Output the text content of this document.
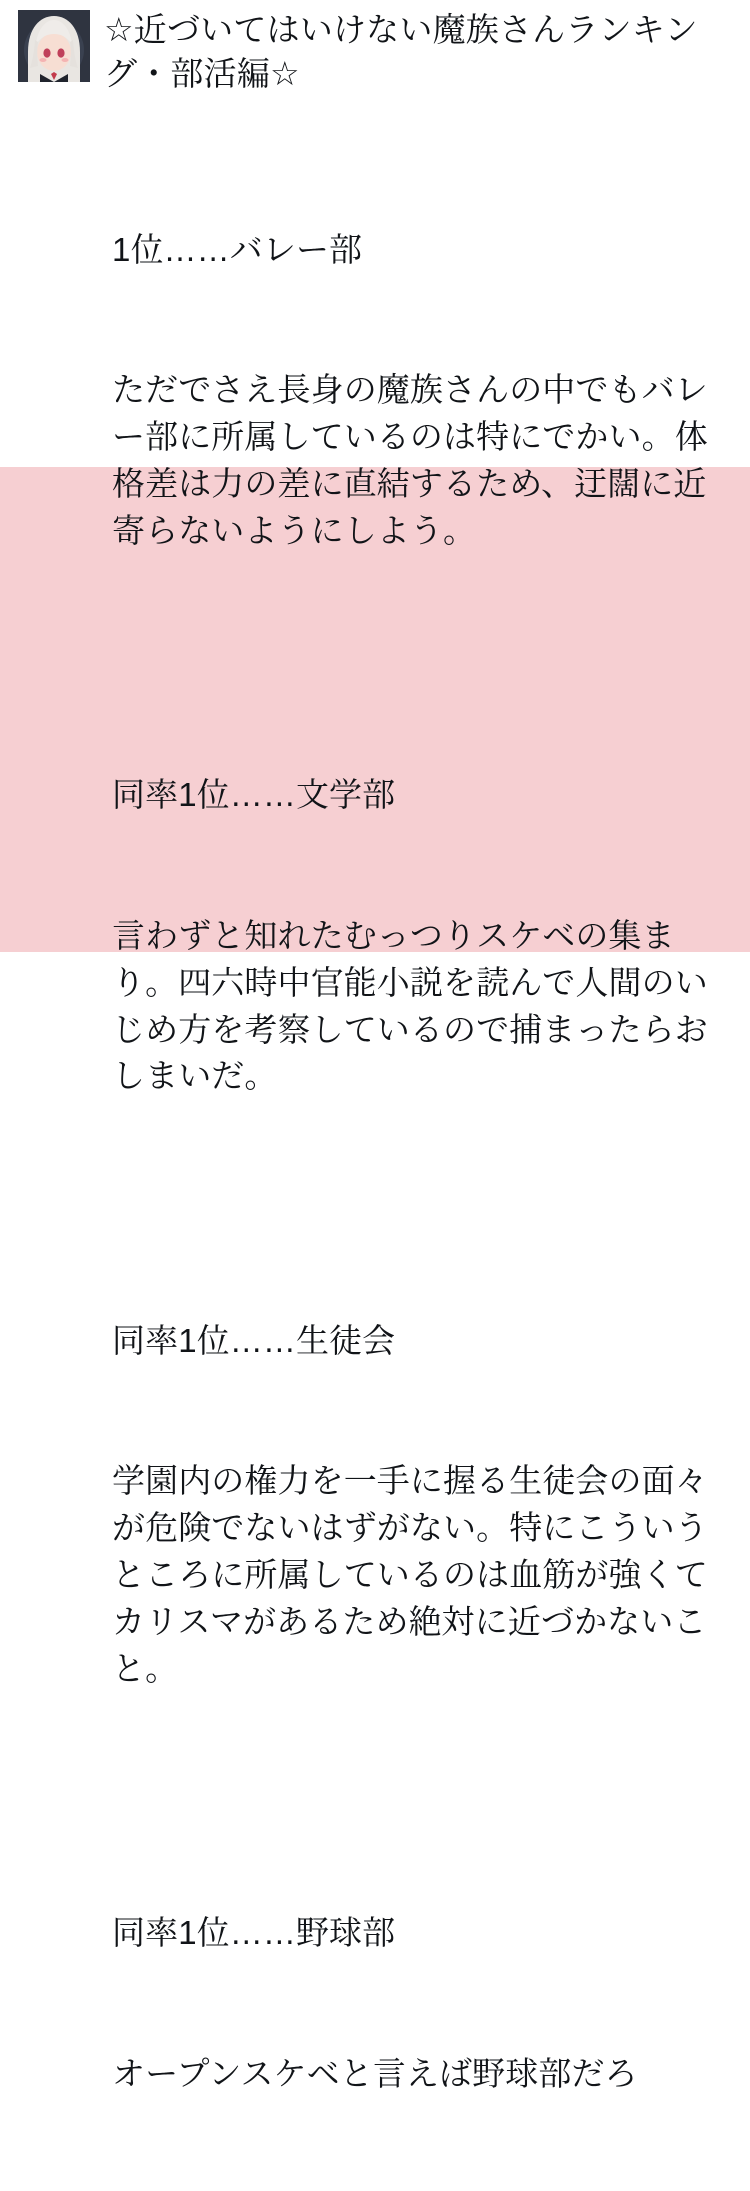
☆近づいてはいけない魔族さんランキング・部活編☆

1位……バレー部

ただでさえ長身の魔族さんの中でもバレー部に所属しているのは特にでかい。体格差は力の差に直結するため、迂闊に近寄らないようにしよう。

同率1位……文学部

言わずと知れたむっつりスケベの集まり。四六時中官能小説を読んで人間のいじめ方を考察しているので捕まったらおしまいだ。

同率1位……生徒会

学園内の権力を一手に握る生徒会の面々が危険でないはずがない。特にこういうところに所属しているのは血筋が強くてカリスマがあるため絶対に近づかないこと。

同率1位……野球部

オープンスケベと言えば野球部だろ
